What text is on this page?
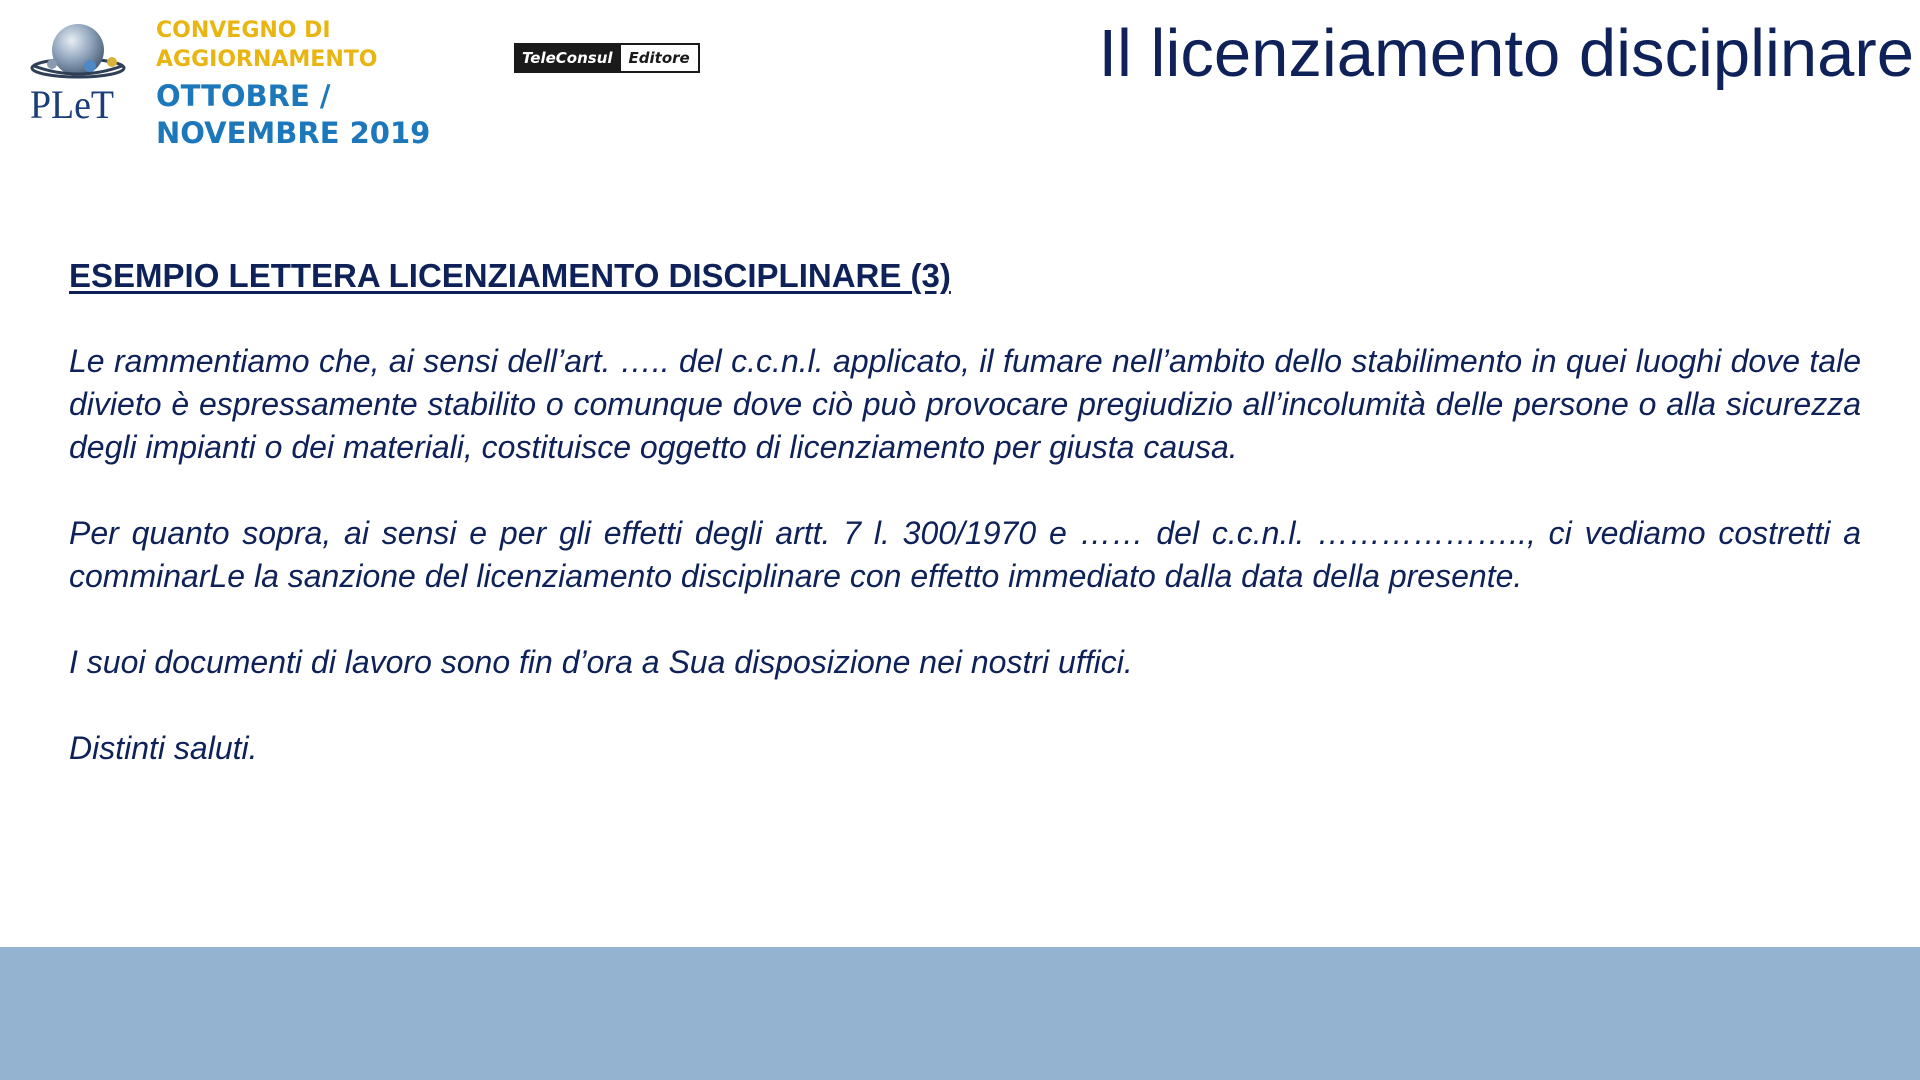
PLeT
CONVEGNO DI AGGIORNAMENTO
OTTOBRE / NOVEMBRE 2019
TeleConsul	Editore	Il licenziamento disciplinare
ESEMPIO LETTERA LICENZIAMENTO DISCIPLINARE (3)

Le rammentiamo che, ai sensi dell’art. ….. del c.c.n.l. applicato, il fumare nell’ambito dello stabilimento in quei luoghi dove tale divieto è espressamente stabilito o comunque dove ciò può provocare pregiudizio all’incolumità delle persone o alla sicurezza degli impianti o dei materiali, costituisce oggetto di licenziamento per giusta causa.

Per quanto sopra, ai sensi e per gli effetti degli artt. 7 l. 300/1970 e …… del c.c.n.l. ……………….., ci vediamo costretti a comminarLe la sanzione del licenziamento disciplinare con effetto immediato dalla data della presente.

I suoi documenti di lavoro sono fin d’ora a Sua disposizione nei nostri uffici.

Distinti saluti.
